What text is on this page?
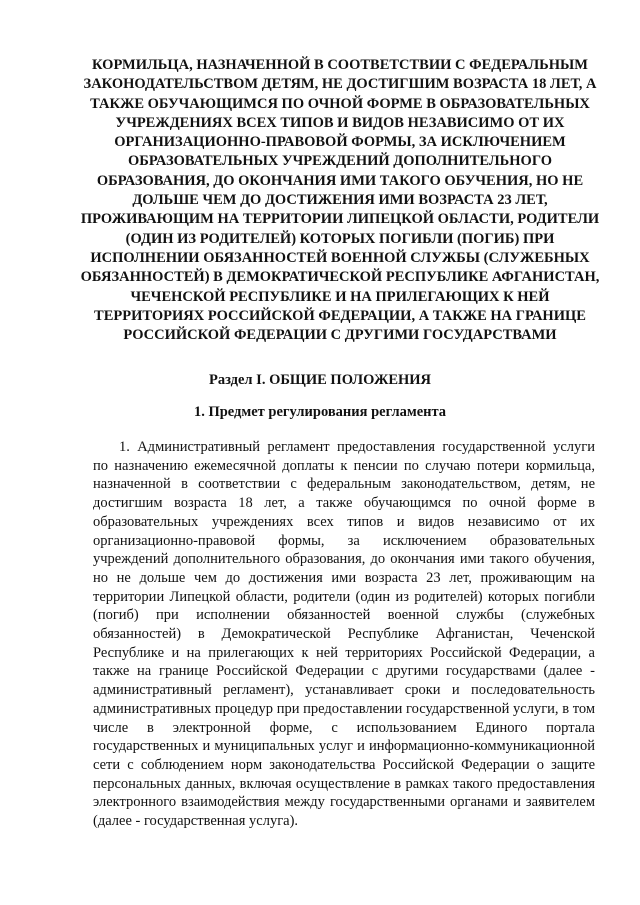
КОРМИЛЬЦА, НАЗНАЧЕННОЙ В СООТВЕТСТВИИ С ФЕДЕРАЛЬНЫМ ЗАКОНОДАТЕЛЬСТВОМ ДЕТЯМ, НЕ ДОСТИГШИМ ВОЗРАСТА 18 ЛЕТ, А ТАКЖЕ ОБУЧАЮЩИМСЯ ПО ОЧНОЙ ФОРМЕ В ОБРАЗОВАТЕЛЬНЫХ УЧРЕЖДЕНИЯХ ВСЕХ ТИПОВ И ВИДОВ НЕЗАВИСИМО ОТ ИХ ОРГАНИЗАЦИОННО-ПРАВОВОЙ ФОРМЫ, ЗА ИСКЛЮЧЕНИЕМ ОБРАЗОВАТЕЛЬНЫХ УЧРЕЖДЕНИЙ ДОПОЛНИТЕЛЬНОГО ОБРАЗОВАНИЯ, ДО ОКОНЧАНИЯ ИМИ ТАКОГО ОБУЧЕНИЯ, НО НЕ ДОЛЬШЕ ЧЕМ ДО ДОСТИЖЕНИЯ ИМИ ВОЗРАСТА 23 ЛЕТ, ПРОЖИВАЮЩИМ НА ТЕРРИТОРИИ ЛИПЕЦКОЙ ОБЛАСТИ, РОДИТЕЛИ (ОДИН ИЗ РОДИТЕЛЕЙ) КОТОРЫХ ПОГИБЛИ (ПОГИБ) ПРИ ИСПОЛНЕНИИ ОБЯЗАННОСТЕЙ ВОЕННОЙ СЛУЖБЫ (СЛУЖЕБНЫХ ОБЯЗАННОСТЕЙ) В ДЕМОКРАТИЧЕСКОЙ РЕСПУБЛИКЕ АФГАНИСТАН, ЧЕЧЕНСКОЙ РЕСПУБЛИКЕ И НА ПРИЛЕГАЮЩИХ К НЕЙ ТЕРРИТОРИЯХ РОССИЙСКОЙ ФЕДЕРАЦИИ, А ТАКЖЕ НА ГРАНИЦЕ РОССИЙСКОЙ ФЕДЕРАЦИИ С ДРУГИМИ ГОСУДАРСТВАМИ
Раздел I. ОБЩИЕ ПОЛОЖЕНИЯ
1. Предмет регулирования регламента

1. Административный регламент предоставления государственной услуги по назначению ежемесячной доплаты к пенсии по случаю потери кормильца, назначенной в соответствии с федеральным законодательством, детям, не достигшим возраста 18 лет, а также обучающимся по очной форме в образовательных учреждениях всех типов и видов независимо от их организационно-правовой формы, за исключением образовательных учреждений дополнительного образования, до окончания ими такого обучения, но не дольше чем до достижения ими возраста 23 лет, проживающим на территории Липецкой области, родители (один из родителей) которых погибли (погиб) при исполнении обязанностей военной службы (служебных обязанностей) в Демократической Республике Афганистан, Чеченской Республике и на прилегающих к ней территориях Российской Федерации, а также на границе Российской Федерации с другими государствами (далее - административный регламент), устанавливает сроки и последовательность административных процедур при предоставлении государственной услуги, в том числе в электронной форме, с использованием Единого портала государственных и муниципальных услуг и информационно-коммуникационной сети с соблюдением норм законодательства Российской Федерации о защите персональных данных, включая осуществление в рамках такого предоставления электронного взаимодействия между государственными органами и заявителем (далее - государственная услуга).
